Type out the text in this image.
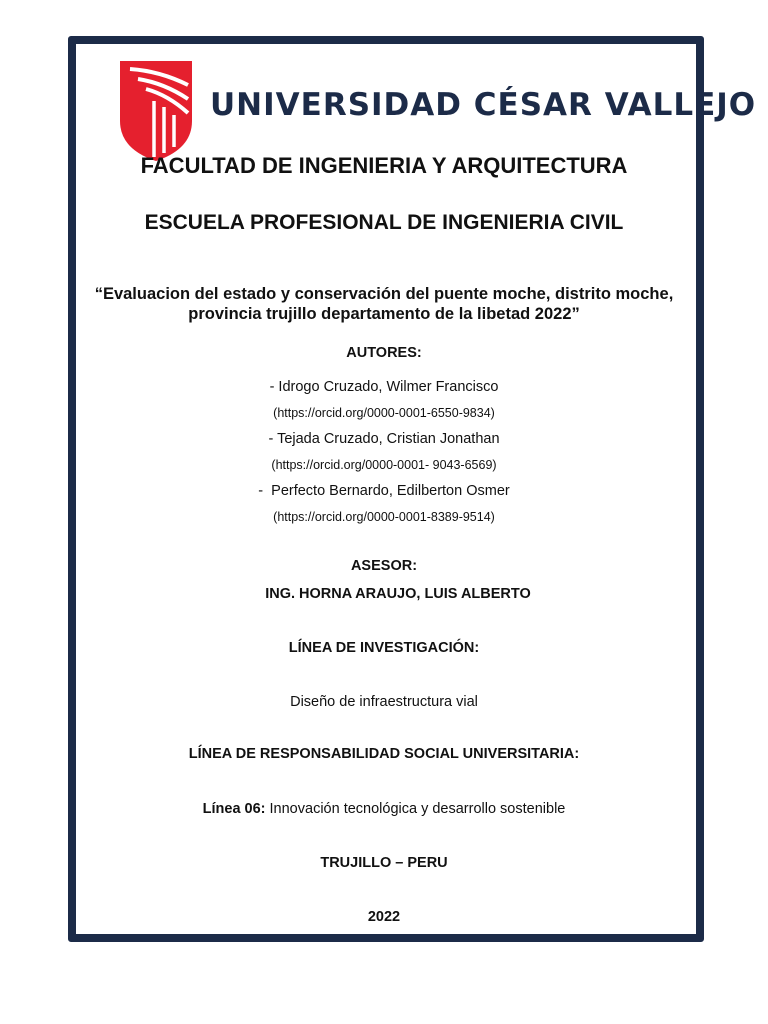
UNIVERSIDAD CÉSAR VALLEJO
FACULTAD DE INGENIERIA Y ARQUITECTURA
ESCUELA PROFESIONAL DE INGENIERIA CIVIL
“Evaluacion del estado y conservación del puente moche, distrito moche, provincia trujillo departamento de la libetad 2022”
AUTORES:
- Idrogo Cruzado, Wilmer Francisco
(https://orcid.org/0000-0001-6550-9834)
- Tejada Cruzado, Cristian Jonathan
(https://orcid.org/0000-0001- 9043-6569)
-  Perfecto Bernardo, Edilberton Osmer
(https://orcid.org/0000-0001-8389-9514)
ASESOR:
ING. HORNA ARAUJO, LUIS ALBERTO
LÍNEA DE INVESTIGACIÓN:
Diseño de infraestructura vial
LÍNEA DE RESPONSABILIDAD SOCIAL UNIVERSITARIA:
Línea 06: Innovación tecnológica y desarrollo sostenible
TRUJILLO – PERU
2022
